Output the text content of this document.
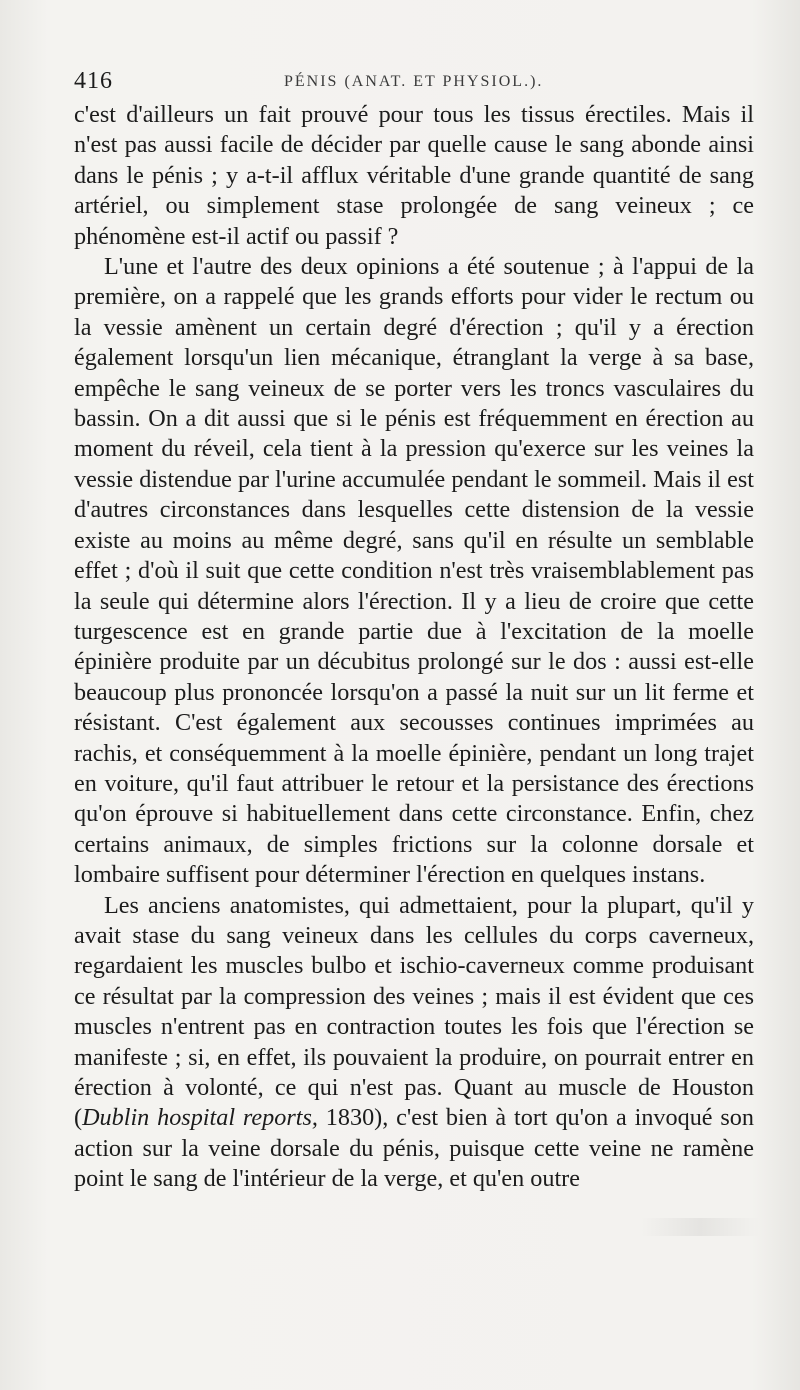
416	PÉNIS (ANAT. ET PHYSIOL.).

c'est d'ailleurs un fait prouvé pour tous les tissus érectiles. Mais il n'est pas aussi facile de décider par quelle cause le sang abonde ainsi dans le pénis ; y a-t-il afflux véritable d'une grande quantité de sang artériel, ou simplement stase prolongée de sang veineux ; ce phénomène est-il actif ou passif ?

L'une et l'autre des deux opinions a été soutenue ; à l'appui de la première, on a rappelé que les grands efforts pour vider le rectum ou la vessie amènent un certain degré d'érection ; qu'il y a érection également lorsqu'un lien mécanique, étranglant la verge à sa base, empêche le sang veineux de se porter vers les troncs vasculaires du bassin. On a dit aussi que si le pénis est fréquemment en érection au moment du réveil, cela tient à la pression qu'exerce sur les veines la vessie distendue par l'urine accumulée pendant le sommeil. Mais il est d'autres circonstances dans lesquelles cette distension de la vessie existe au moins au même degré, sans qu'il en résulte un semblable effet ; d'où il suit que cette condition n'est très vraisemblablement pas la seule qui détermine alors l'érection. Il y a lieu de croire que cette turgescence est en grande partie due à l'excitation de la moelle épinière produite par un décubitus prolongé sur le dos : aussi est-elle beaucoup plus prononcée lorsqu'on a passé la nuit sur un lit ferme et résistant. C'est également aux secousses continues imprimées au rachis, et conséquemment à la moelle épinière, pendant un long trajet en voiture, qu'il faut attribuer le retour et la persistance des érections qu'on éprouve si habituellement dans cette circonstance. Enfin, chez certains animaux, de simples frictions sur la colonne dorsale et lombaire suffisent pour déterminer l'érection en quelques instans.

Les anciens anatomistes, qui admettaient, pour la plupart, qu'il y avait stase du sang veineux dans les cellules du corps caverneux, regardaient les muscles bulbo et ischio-caverneux comme produisant ce résultat par la compression des veines ; mais il est évident que ces muscles n'entrent pas en contraction toutes les fois que l'érection se manifeste ; si, en effet, ils pouvaient la produire, on pourrait entrer en érection à volonté, ce qui n'est pas. Quant au muscle de Houston (Dublin hospital reports, 1830), c'est bien à tort qu'on a invoqué son action sur la veine dorsale du pénis, puisque cette veine ne ramène point le sang de l'intérieur de la verge, et qu'en outre
